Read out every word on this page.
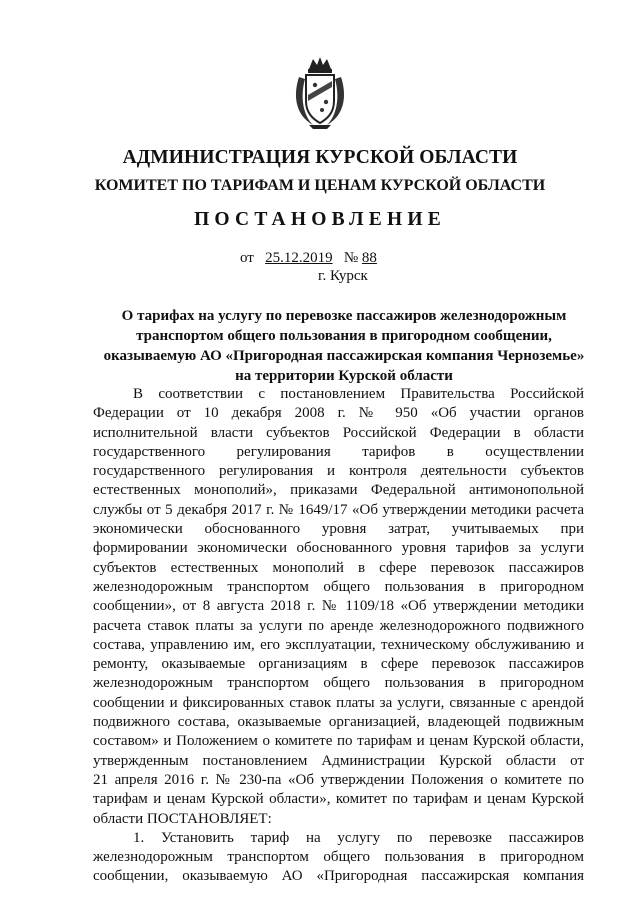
АДМИНИСТРАЦИЯ КУРСКОЙ ОБЛАСТИ
КОМИТЕТ ПО ТАРИФАМ И ЦЕНАМ КУРСКОЙ ОБЛАСТИ
ПОСТАНОВЛЕНИЕ
от 25.12.2019 № 88
г. Курск
О тарифах на услугу по перевозке пассажиров железнодорожным
транспортом общего пользования в пригородном сообщении,
оказываемую АО «Пригородная пассажирская компания Черноземье»
на территории Курской области
В соответствии с постановлением Правительства Российской
Федерации от 10 декабря 2008 г. № 950 «Об участии органов
исполнительной власти субъектов Российской Федерации в области
государственного регулирования тарифов в осуществлении
государственного регулирования и контроля деятельности субъектов
естественных монополий», приказами Федеральной антимонопольной
службы от 5 декабря 2017 г. № 1649/17 «Об утверждении методики расчета
экономически обоснованного уровня затрат, учитываемых при
формировании экономически обоснованного уровня тарифов за услуги
субъектов естественных монополий в сфере перевозок пассажиров
железнодорожным транспортом общего пользования в пригородном
сообщении», от 8 августа 2018 г. № 1109/18 «Об утверждении методики
расчета ставок платы за услуги по аренде железнодорожного подвижного
состава, управлению им, его эксплуатации, техническому обслуживанию и
ремонту, оказываемые организациям в сфере перевозок пассажиров
железнодорожным транспортом общего пользования в пригородном
сообщении и фиксированных ставок платы за услуги, связанные с арендой
подвижного состава, оказываемые организацией, владеющей подвижным
составом» и Положением о комитете по тарифам и ценам Курской области,
утвержденным постановлением Администрации Курской области от
21 апреля 2016 г. № 230-па «Об утверждении Положения о комитете по
тарифам и ценам Курской области», комитет по тарифам и ценам Курской
области ПОСТАНОВЛЯЕТ:
1. Установить тариф на услугу по перевозке пассажиров
железнодорожным транспортом общего пользования в пригородном
сообщении, оказываемую АО «Пригородная пассажирская компания
